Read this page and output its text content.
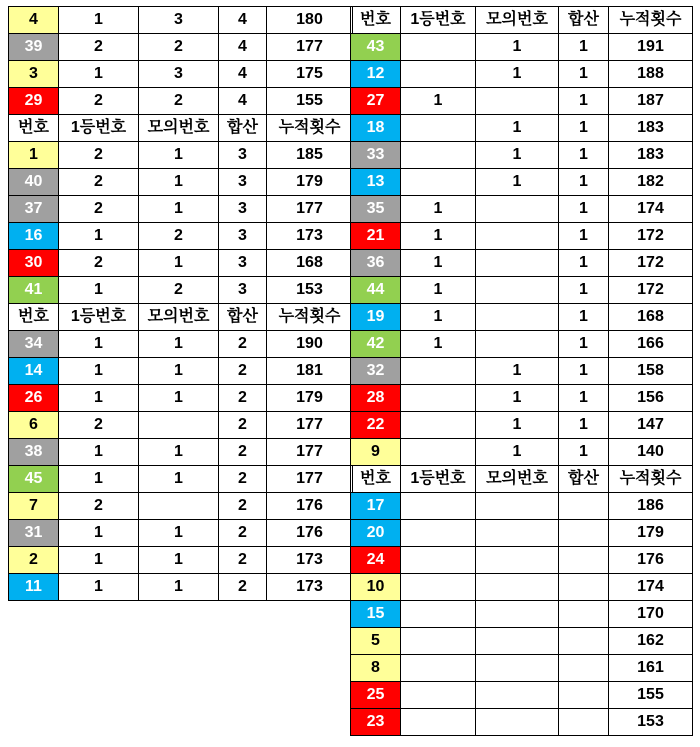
4	1	3	4	180
39	2	2	4	177
3	1	3	4	175
29	2	2	4	155
번호	1등번호	모의번호	합산	누적횟수
1	2	1	3	185
40	2	1	3	179
37	2	1	3	177
16	1	2	3	173
30	2	1	3	168
41	1	2	3	153
번호	1등번호	모의번호	합산	누적횟수
34	1	1	2	190
14	1	1	2	181
26	1	1	2	179
6	2		2	177
38	1	1	2	177
45	1	1	2	177
7	2		2	176
31	1	1	2	176
2	1	1	2	173
11	1	1	2	173
번호	1등번호	모의번호	합산	누적횟수
43		1	1	191
12		1	1	188
27	1		1	187
18		1	1	183
33		1	1	183
13		1	1	182
35	1		1	174
21	1		1	172
36	1		1	172
44	1		1	172
19	1		1	168
42	1		1	166
32		1	1	158
28		1	1	156
22		1	1	147
9		1	1	140
번호	1등번호	모의번호	합산	누적횟수
17				186
20				179
24				176
10				174
15				170
5				162
8				161
25				155
23				153
